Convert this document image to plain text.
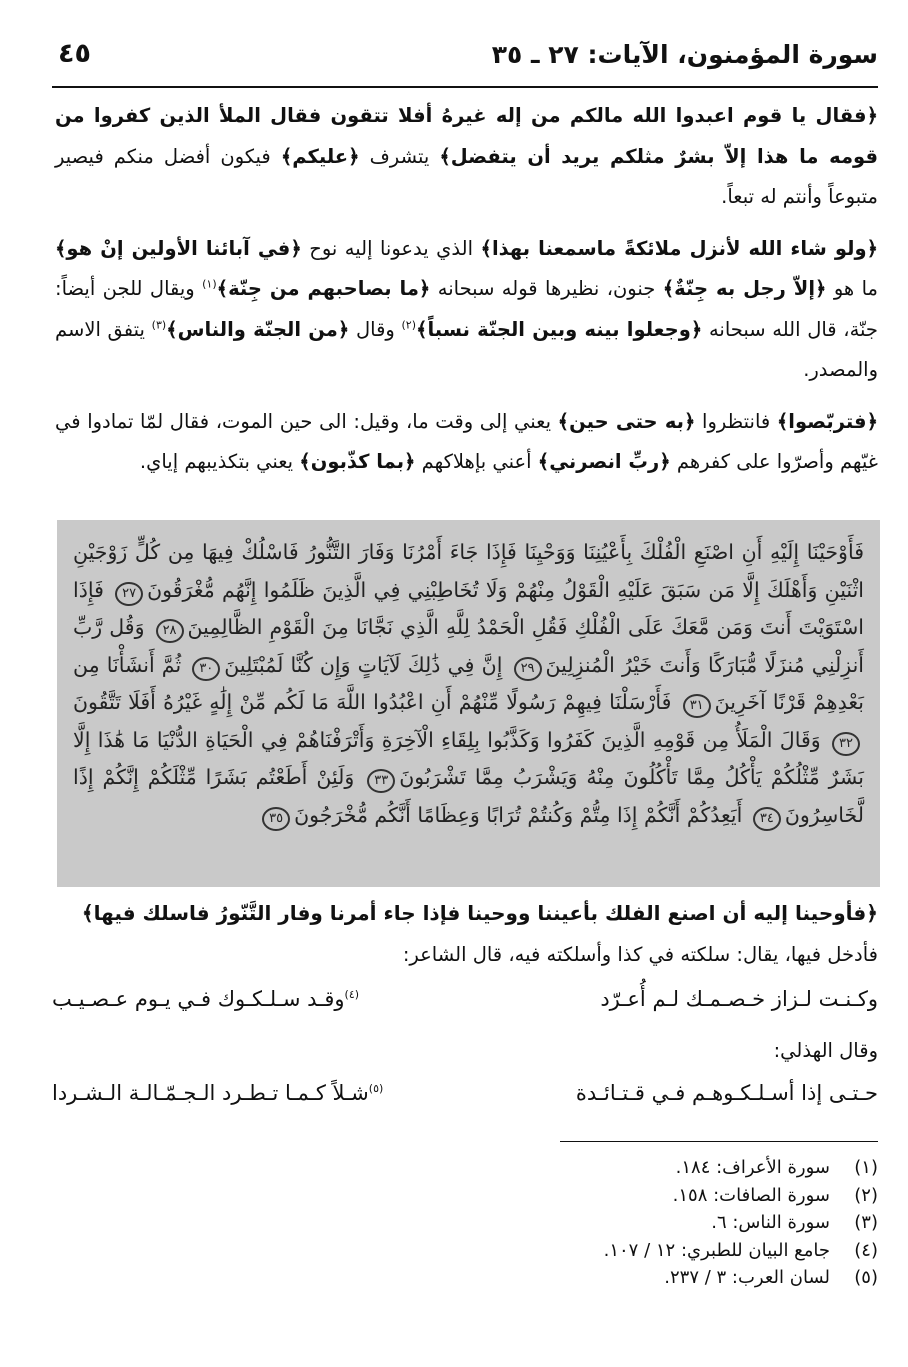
سورة المؤمنون، الآيات: ٢٧ ـ ٣٥
٤٥

﴿فقال يا قوم اعبدوا الله مالكم من إله غيرهُ أفلا تتقون فقال الملأ الذين كفروا من قومه ما هذا إلاّ بشرٌ مثلكم يريد أن يتفضل﴾ يتشرف ﴿عليكم﴾ فيكون أفضل منكم فيصير متبوعاً وأنتم له تبعاً.

﴿ولو شاء الله لأنزل ملائكةً ماسمعنا بهذا﴾ الذي يدعونا إليه نوح ﴿في آبائنا الأولين إنْ هو﴾ ما هو ﴿إلاّ رجل به جِنّةٌ﴾ جنون، نظيرها قوله سبحانه ﴿ما بصاحبهم من جِنّة﴾$^{(١)}$ ويقال للجن أيضاً: جنّة، قال الله سبحانه ﴿وجعلوا بينه وبين الجنّة نسباً﴾$^{(٢)}$ وقال ﴿من الجنّة والناس﴾$^{(٣)}$ يتفق الاسم والمصدر.

﴿فتربّصوا﴾ فانتظروا ﴿به حتى حين﴾ يعني إلى وقت ما، وقيل: الى حين الموت، فقال لمّا تمادوا في غيّهم وأصرّوا على كفرهم ﴿ربِّ انصرني﴾ أعني بإهلاكهم ﴿بما كذّبون﴾ يعني بتكذيبهم إياي.

فَأَوْحَيْنَا إِلَيْهِ أَنِ اصْنَعِ الْفُلْكَ بِأَعْيُنِنَا وَوَحْيِنَا فَإِذَا جَاءَ أَمْرُنَا وَفَارَ التَّنُّورُ فَاسْلُكْ فِيهَا مِن كُلٍّ زَوْجَيْنِ اثْنَيْنِ وَأَهْلَكَ إِلَّا مَن سَبَقَ عَلَيْهِ الْقَوْلُ مِنْهُمْ وَلَا تُخَاطِبْنِي فِي الَّذِينَ ظَلَمُوا إِنَّهُم مُّغْرَقُونَ٢٧ فَإِذَا اسْتَوَيْتَ أَنتَ وَمَن مَّعَكَ عَلَى الْفُلْكِ فَقُلِ الْحَمْدُ لِلَّهِ الَّذِي نَجَّانَا مِنَ الْقَوْمِ الظَّالِمِينَ٢٨ وَقُل رَّبِّ أَنزِلْنِي مُنزَلًا مُّبَارَكًا وَأَنتَ خَيْرُ الْمُنزِلِينَ٢٩ إِنَّ فِي ذَٰلِكَ لَآيَاتٍ وَإِن كُنَّا لَمُبْتَلِينَ٣٠ ثُمَّ أَنشَأْنَا مِن بَعْدِهِمْ قَرْنًا آخَرِينَ٣١ فَأَرْسَلْنَا فِيهِمْ رَسُولًا مِّنْهُمْ أَنِ اعْبُدُوا اللَّهَ مَا لَكُم مِّنْ إِلَٰهٍ غَيْرُهُ أَفَلَا تَتَّقُونَ٣٢ وَقَالَ الْمَلَأُ مِن قَوْمِهِ الَّذِينَ كَفَرُوا وَكَذَّبُوا بِلِقَاءِ الْآخِرَةِ وَأَتْرَفْنَاهُمْ فِي الْحَيَاةِ الدُّنْيَا مَا هَٰذَا إِلَّا بَشَرٌ مِّثْلُكُمْ يَأْكُلُ مِمَّا تَأْكُلُونَ مِنْهُ وَيَشْرَبُ مِمَّا تَشْرَبُونَ٣٣ وَلَئِنْ أَطَعْتُم بَشَرًا مِّثْلَكُمْ إِنَّكُمْ إِذًا لَّخَاسِرُونَ٣٤ أَيَعِدُكُمْ أَنَّكُمْ إِذَا مِتُّمْ وَكُنتُمْ تُرَابًا وَعِظَامًا أَنَّكُم مُّخْرَجُونَ٣٥
﴿فأوحينا إليه أن اصنع الفلك بأعيننا ووحينا فإذا جاء أمرنا وفار التَّنّورُ فاسلك فيها﴾
فأدخل فيها، يقال: سلكته في كذا وأسلكته فيه، قال الشاعر:
وكـنـت لـزاز خـصـمـك لـم أُعـرّد
$^{(٤)}$وقـد سـلـكـوك فـي يـوم عـصـيـب
وقال الهذلي:
حـتـى إذا أسـلـكـوهـم فـي قـتـائـدة
$^{(٥)}$شـلاً كـمـا تـطـرد الـجـمّـالـة الـشـردا
(١)سورة الأعراف: ١٨٤.
(٢)سورة الصافات: ١٥٨.
(٣)سورة الناس: ٦.
(٤)جامع البيان للطبري: ١٢ / ١٠٧.
(٥)لسان العرب: ٣ / ٢٣٧.
